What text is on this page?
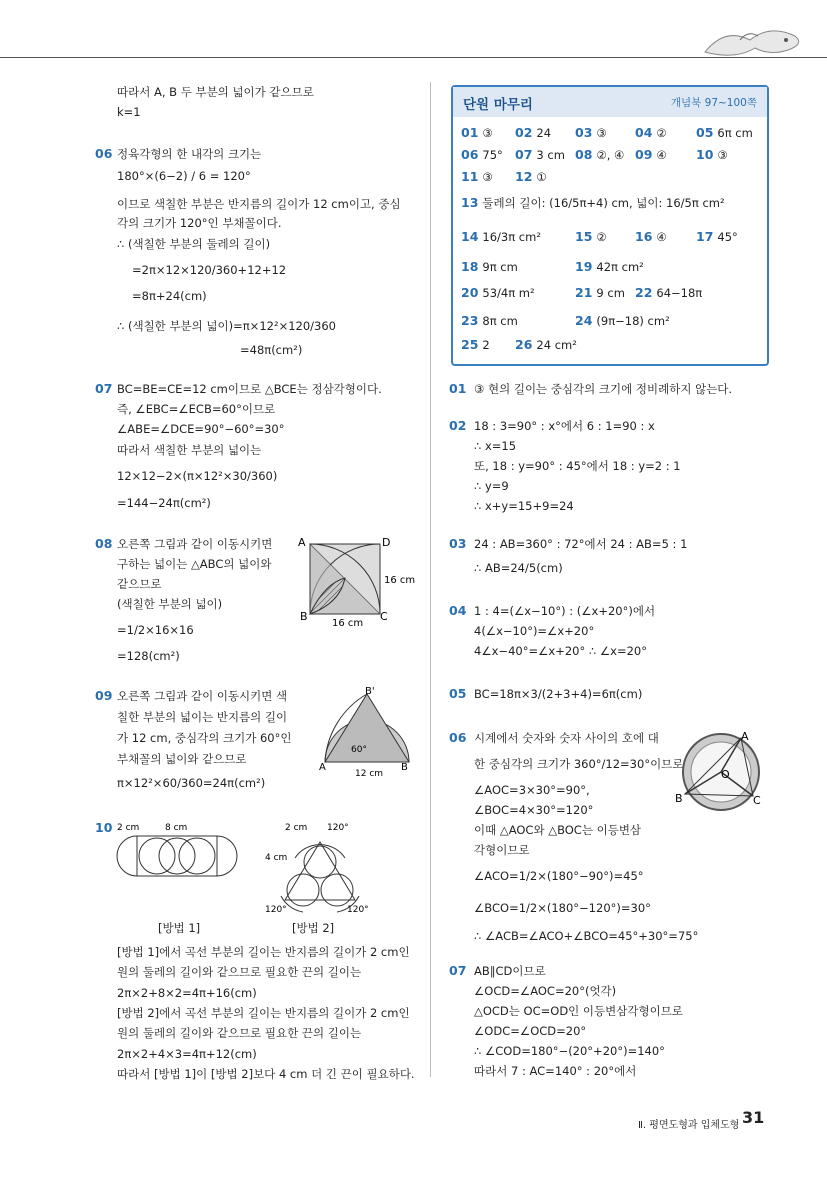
따라서 A, B 두 부분의 넓이가 같으므로
k=1
06 정육각형의 한 내각의 크기는
180°×(6−2) / 6 = 120°
이므로 색칠한 부분은 반지름의 길이가 12 cm이고, 중심
각의 크기가 120°인 부채꼴이다.
∴ (색칠한 부분의 둘레의 길이)
=2π×12×120/360+12+12
=8π+24(cm)
∴ (색칠한 부분의 넓이)=π×12²×120/360
=48π(cm²)
07 BC=BE=CE=12 cm이므로 △BCE는 정삼각형이다.
즉, ∠EBC=∠ECB=60°이므로
∠ABE=∠DCE=90°−60°=30°
따라서 색칠한 부분의 넓이는
12×12−2×(π×12²×30/360)
=144−24π(cm²)
08 오른쪽 그림과 같이 이동시키면
구하는 넓이는 △ABC의 넓이와
같으므로
(색칠한 부분의 넓이)
=1/2×16×16
=128(cm²)
A	D
B	C
16 cm
16 cm
09 오른쪽 그림과 같이 이동시키면 색
칠한 부분의 넓이는 반지름의 길이
가 12 cm, 중심각의 크기가 60°인
부채꼴의 넓이와 같으므로
π×12²×60/360=24π(cm²)
B'
60°
A
12 cm
B
10 2 cm	8 cm	2 cm 120°
4 cm
120°	120°
[방법 1]	[방법 2]
[방법 1]에서 곡선 부분의 길이는 반지름의 길이가 2 cm인
원의 둘레의 길이와 같으므로 필요한 끈의 길이는
2π×2+8×2=4π+16(cm)
[방법 2]에서 곡선 부분의 길이는 반지름의 길이가 2 cm인
원의 둘레의 길이와 같으므로 필요한 끈의 길이는
2π×2+4×3=4π+12(cm)
따라서 [방법 1]이 [방법 2]보다 4 cm 더 긴 끈이 필요하다.
단원 마무리	개념북 97~100쪽
01 ③ 02 24 03 ③ 04 ② 05 6π cm
06 75° 07 3 cm 08 ②, ④ 09 ④ 10 ③
11 ③ 12 ①
13 둘레의 길이: (16/5π+4) cm, 넓이: 16/5π cm²
14 16/3π cm²	15 ② 16 ④ 17 45°
18 9π cm	19 42π cm²
20 53/4π m²	21 9 cm 22 64−18π
23 8π cm	24 (9π−18) cm²
25 2 26 24 cm²
01 ③ 현의 길이는 중심각의 크기에 정비례하지 않는다.
02 18 : 3=90° : x°에서 6 : 1=90 : x
∴ x=15
또, 18 : y=90° : 45°에서 18 : y=2 : 1
∴ y=9
∴ x+y=15+9=24
03 24 : AB=360° : 72°에서 24 : AB=5 : 1
∴ AB=24/5(cm)
04 1 : 4=(∠x−10°) : (∠x+20°)에서
4(∠x−10°)=∠x+20°
4∠x−40°=∠x+20° ∴ ∠x=20°
05 BC=18π×3/(2+3+4)=6π(cm)
06 시계에서 숫자와 숫자 사이의 호에 대
한 중심각의 크기가 360°/12=30°이므로
∠AOC=3×30°=90°,
∠BOC=4×30°=120°
이때 △AOC와 △BOC는 이등변삼
각형이므로
∠ACO=1/2×(180°−90°)=45°
∠BCO=1/2×(180°−120°)=30°
∴ ∠ACB=∠ACO+∠BCO=45°+30°=75°
A
B
O
C
07 AB∥CD이므로
∠OCD=∠AOC=20°(엇각)
△OCD는 OC=OD인 이등변삼각형이므로
∠ODC=∠OCD=20°
∴ ∠COD=180°−(20°+20°)=140°
따라서 7 : AC=140° : 20°에서
Ⅱ. 평면도형과 입체도형 31
